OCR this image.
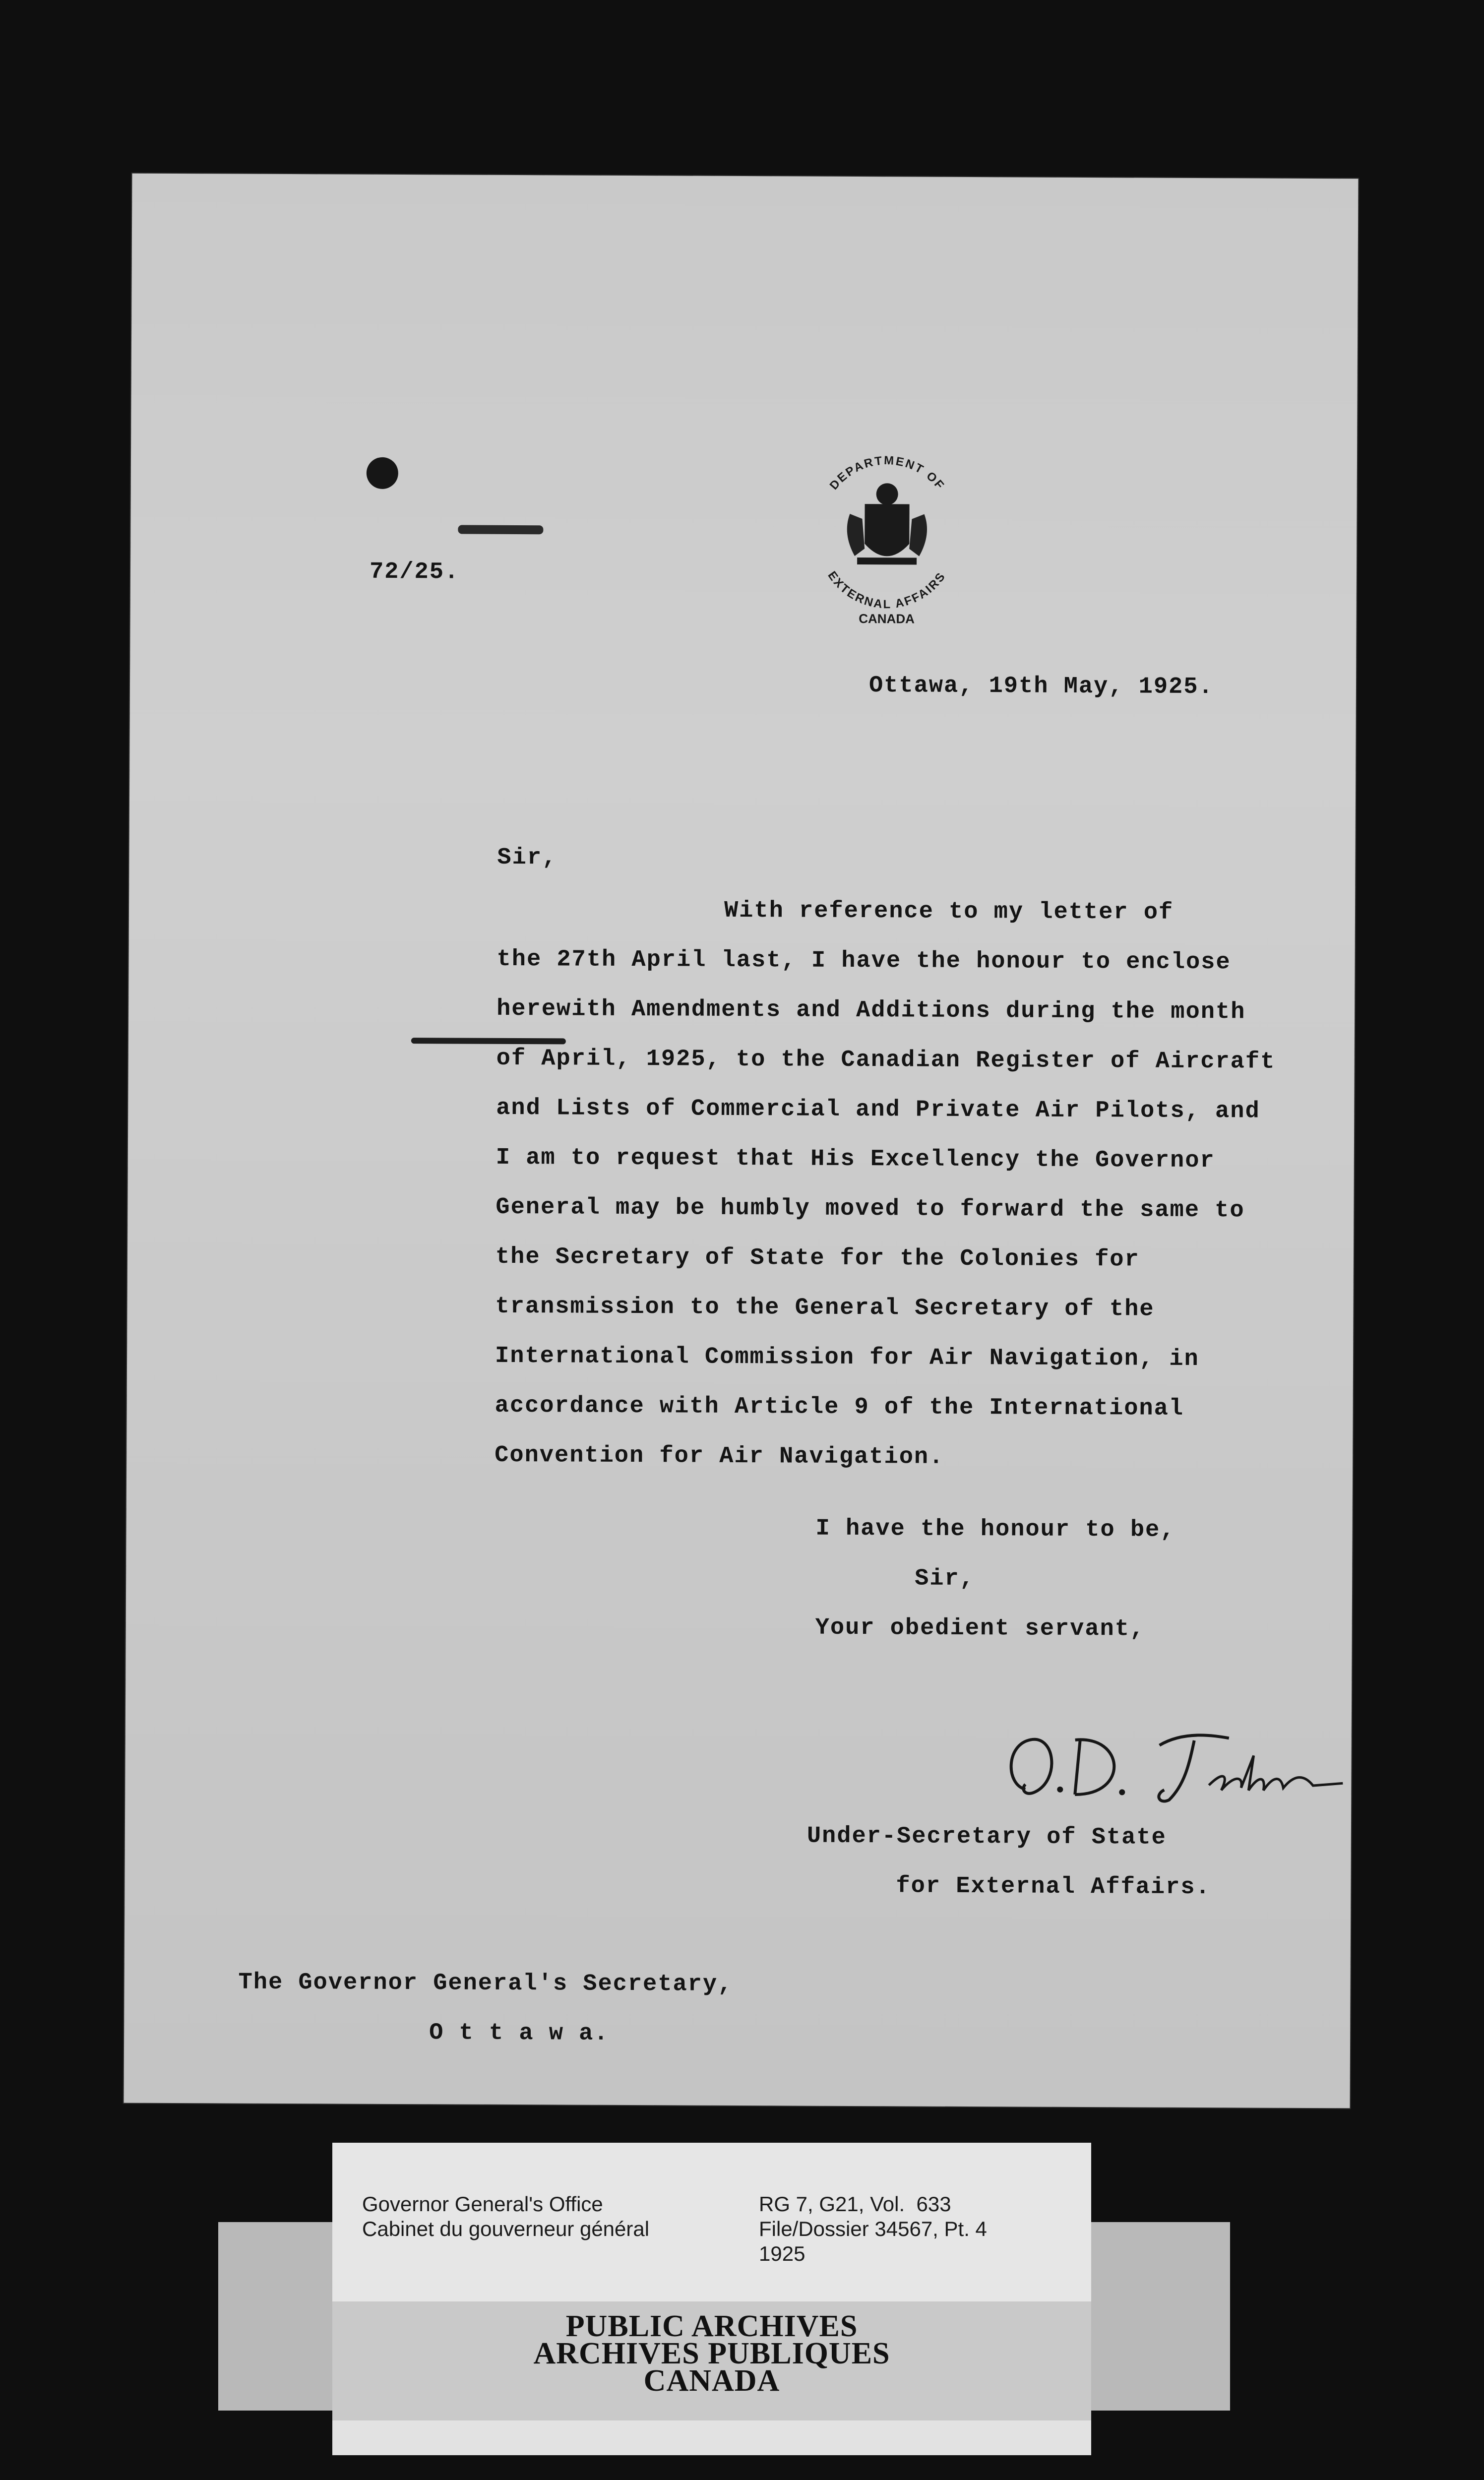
DEPARTMENT OF
EXTERNAL AFFAIRS
CANADA
72/25.
Ottawa, 19th May, 1925.
Sir,
With reference to my letter of
the 27th April last, I have the honour to enclose
herewith Amendments and Additions during the month
of April, 1925, to the Canadian Register of Aircraft
and Lists of Commercial and Private Air Pilots, and
I am to request that His Excellency the Governor
General may be humbly moved to forward the same to
the Secretary of State for the Colonies for
transmission to the General Secretary of the
International Commission for Air Navigation, in
accordance with Article 9 of the International
Convention for Air Navigation.
I have the honour to be,
Sir,
Your obedient servant,
Under-Secretary of State
for External Affairs.
The Governor General's Secretary,
O t t a w a.
Governor General's Office
Cabinet du gouverneur général
RG 7, G21, Vol.  633
File/Dossier 34567, Pt. 4
1925
PUBLIC ARCHIVES
ARCHIVES PUBLIQUES
CANADA
